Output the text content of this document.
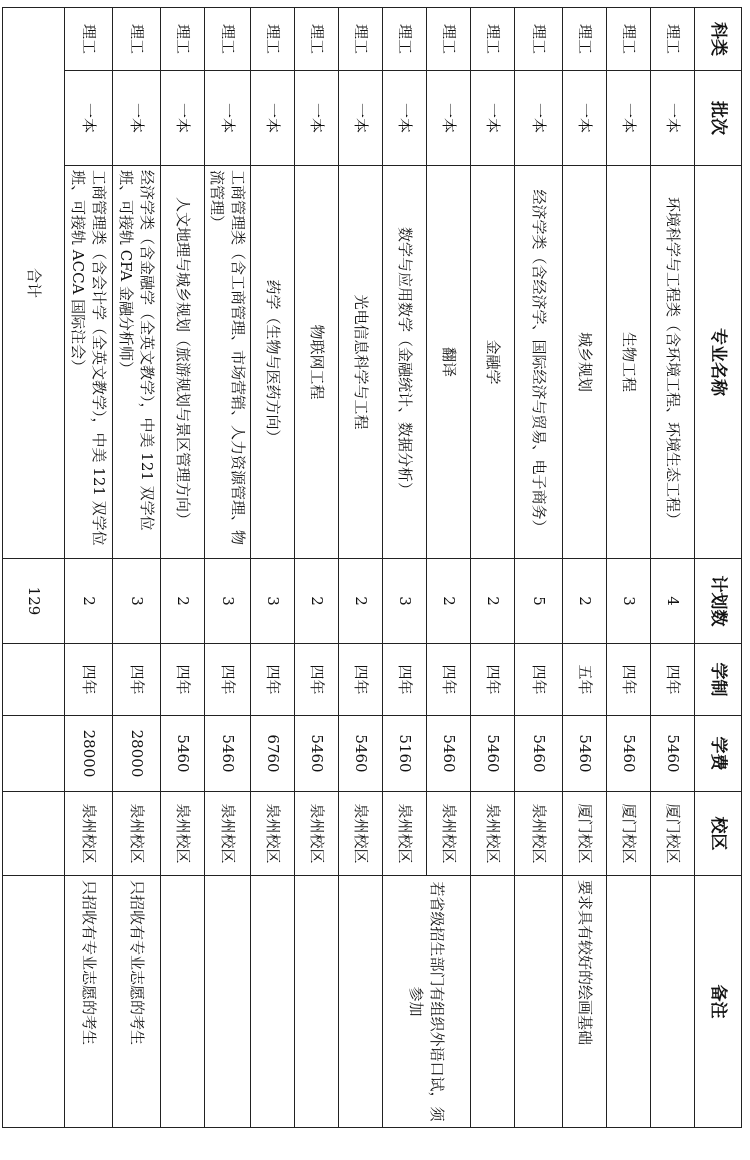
科类	批次	专业名称	计划数	学制	学费	校区	备注
理工	一本	环境科学与工程类（含环境工程、环境生态工程）	4	四年	5460	厦门校区	
理工	一本	生物工程	3	四年	5460	厦门校区	
理工	一本	城乡规划	2	五年	5460	厦门校区	要求具有较好的绘画基础
理工	一本	经济学类（含经济学、国际经济与贸易、电子商务）	5	四年	5460	泉州校区	
理工	一本	金融学	2	四年	5460	泉州校区	
理工	一本	翻译	2	四年	5460	泉州校区	若省级招生部门有组织外语口试，须参加
理工	一本	数学与应用数学（金融统计、数据分析）	3	四年	5160	泉州校区	
理工	一本	光电信息科学与工程	2	四年	5460	泉州校区	
理工	一本	物联网工程	2	四年	5460	泉州校区	
理工	一本	药学（生物与医药方向）	3	四年	6760	泉州校区	
理工	一本	工商管理类（含工商管理、市场营销、人力资源管理、物流管理）	3	四年	5460	泉州校区	
理工	一本	人文地理与城乡规划（旅游规划与景区管理方向）	2	四年	5460	泉州校区	
理工	一本	经济学类（含金融学（全英文教学），中美 121 双学位班、可接轨 CFA 金融分析师）	3	四年	28000	泉州校区	只招收有专业志愿的考生
理工	一本	工商管理类（含会计学（全英文教学），中美 121 双学位班、可接轨 ACCA 国际注会）	2	四年	28000	泉州校区	只招收有专业志愿的考生
合计			129				
